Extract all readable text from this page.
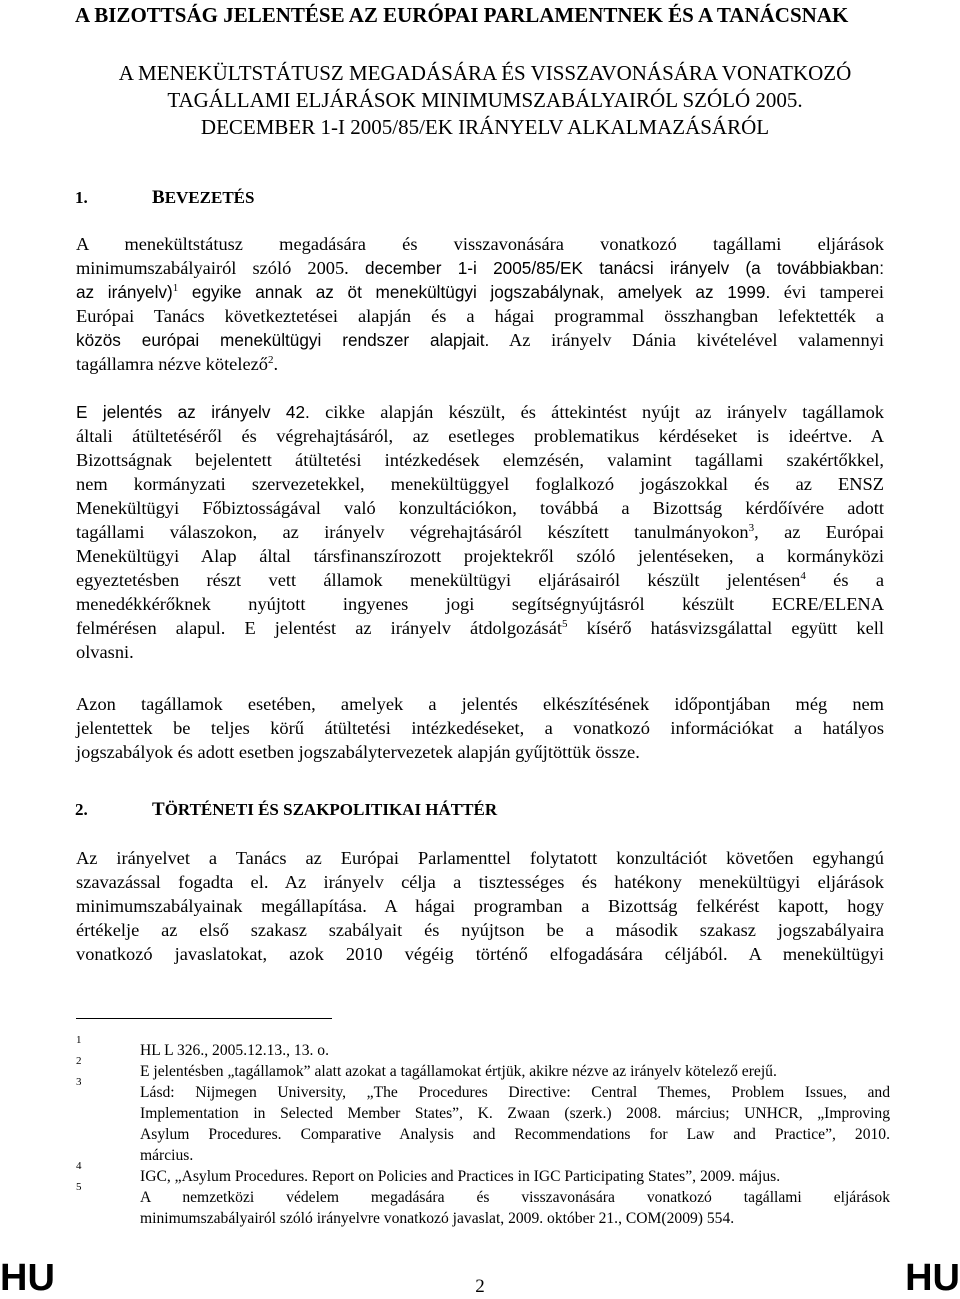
A BIZOTTSÁG JELENTÉSE AZ EURÓPAI PARLAMENTNEK ÉS A TANÁCSNAK
A MENEKÜLTSTÁTUSZ MEGADÁSÁRA ÉS VISSZAVONÁSÁRA VONATKOZÓ
TAGÁLLAMI ELJÁRÁSOK MINIMUMSZABÁLYAIRÓL SZÓLÓ 2005.
DECEMBER 1-I 2005/85/EK IRÁNYELV ALKALMAZÁSÁRÓL
1.	BEVEZETÉS
A menekültstátusz megadására és visszavonására vonatkozó tagállami eljárások
minimumszabályairól szóló 2005. december 1-i 2005/85/EK tanácsi irányelv (a továbbiakban:
az irányelv)$^1$ egyike annak az öt menekültügyi jogszabálynak, amelyek az 1999. évi tamperei
Európai Tanács következtetései alapján és a hágai programmal összhangban lefektették a
közös európai menekültügyi rendszer alapjait. Az irányelv Dánia kivételével valamennyi
tagállamra nézve kötelező$^2$.
E jelentés az irányelv 42. cikke alapján készült, és áttekintést nyújt az irányelv tagállamok
általi átültetéséről és végrehajtásáról, az esetleges problematikus kérdéseket is ideértve. A
Bizottságnak bejelentett átültetési intézkedések elemzésén, valamint tagállami szakértőkkel,
nem kormányzati szervezetekkel, menekültüggyel foglalkozó jogászokkal és az ENSZ
Menekültügyi Főbiztosságával való konzultációkon, továbbá a Bizottság kérdőívére adott
tagállami válaszokon, az irányelv végrehajtásáról készített tanulmányokon$^3$, az Európai
Menekültügyi Alap által társfinanszírozott projektekről szóló jelentéseken, a kormányközi
egyeztetésben részt vett államok menekültügyi eljárásairól készült jelentésen$^4$ és a
menedékkérőknek nyújtott ingyenes jogi segítségnyújtásról készült ECRE/ELENA
felmérésen alapul. E jelentést az irányelv átdolgozását$^5$ kísérő hatásvizsgálattal együtt kell
olvasni.
Azon tagállamok esetében, amelyek a jelentés elkészítésének időpontjában még nem
jelentettek be teljes körű átültetési intézkedéseket, a vonatkozó információkat a hatályos
jogszabályok és adott esetben jogszabálytervezetek alapján gyűjtöttük össze.
2.	TÖRTÉNETI ÉS SZAKPOLITIKAI HÁTTÉR
Az irányelvet a Tanács az Európai Parlamenttel folytatott konzultációt követően egyhangú
szavazással fogadta el. Az irányelv célja a tisztességes és hatékony menekültügyi eljárások
minimumszabályainak megállapítása. A hágai programban a Bizottság felkérést kapott, hogy
értékelje az első szakasz szabályait és nyújtson be a második szakasz jogszabályaira
vonatkozó javaslatokat, azok 2010 végéig történő elfogadására céljából. A menekültügyi
1
HL L 326., 2005.12.13., 13. o.
2
E jelentésben „tagállamok” alatt azokat a tagállamokat értjük, akikre nézve az irányelv kötelező erejű.
3
Lásd: Nijmegen University, „The Procedures Directive: Central Themes, Problem Issues, and
Implementation in Selected Member States”, K. Zwaan (szerk.) 2008. március; UNHCR, „Improving
Asylum Procedures. Comparative Analysis and Recommendations for Law and Practice”, 2010.
március.
4
IGC, „Asylum Procedures. Report on Policies and Practices in IGC Participating States”, 2009. május.
5
A nemzetközi védelem megadására és visszavonására vonatkozó tagállami eljárások
minimumszabályairól szóló irányelvre vonatkozó javaslat, 2009. október 21., COM(2009) 554.
HU	2	HU
